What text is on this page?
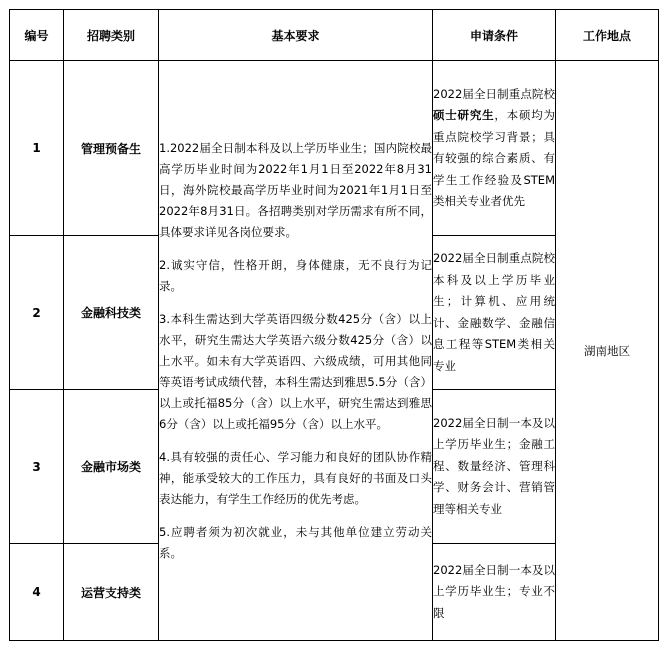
编号	招聘类别	基本要求	申请条件	工作地点
1	管理预备生	1.2022届全日制本科及以上学历毕业生；国内院校最高学历毕业时间为2022年1月1日至2022年8月31日，海外院校最高学历毕业时间为2021年1月1日至2022年8月31日。各招聘类别对学历需求有所不同，具体要求详见各岗位要求。

2.诚实守信，性格开朗，身体健康，无不良行为记录。

3.本科生需达到大学英语四级分数425分（含）以上水平，研究生需达大学英语六级分数425分（含）以上水平。如未有大学英语四、六级成绩，可用其他同等英语考试成绩代替，本科生需达到雅思5.5分（含）以上或托福85分（含）以上水平，研究生需达到雅思6分（含）以上或托福95分（含）以上水平。

4.具有较强的责任心、学习能力和良好的团队协作精神，能承受较大的工作压力，具有良好的书面及口头表达能力，有学生工作经历的优先考虑。

5.应聘者须为初次就业，未与其他单位建立劳动关系。	2022届全日制重点院校硕士研究生，本硕均为重点院校学习背景；具有较强的综合素质、有学生工作经验及STEM类相关专业者优先	湖南地区
2	金融科技类		2022届全日制重点院校本科及以上学历毕业生；计算机、应用统计、金融数学、金融信息工程等STEM类相关专业	
3	金融市场类		2022届全日制一本及以上学历毕业生；金融工程、数量经济、管理科学、财务会计、营销管理等相关专业	
4	运营支持类		2022届全日制一本及以上学历毕业生；专业不限	
